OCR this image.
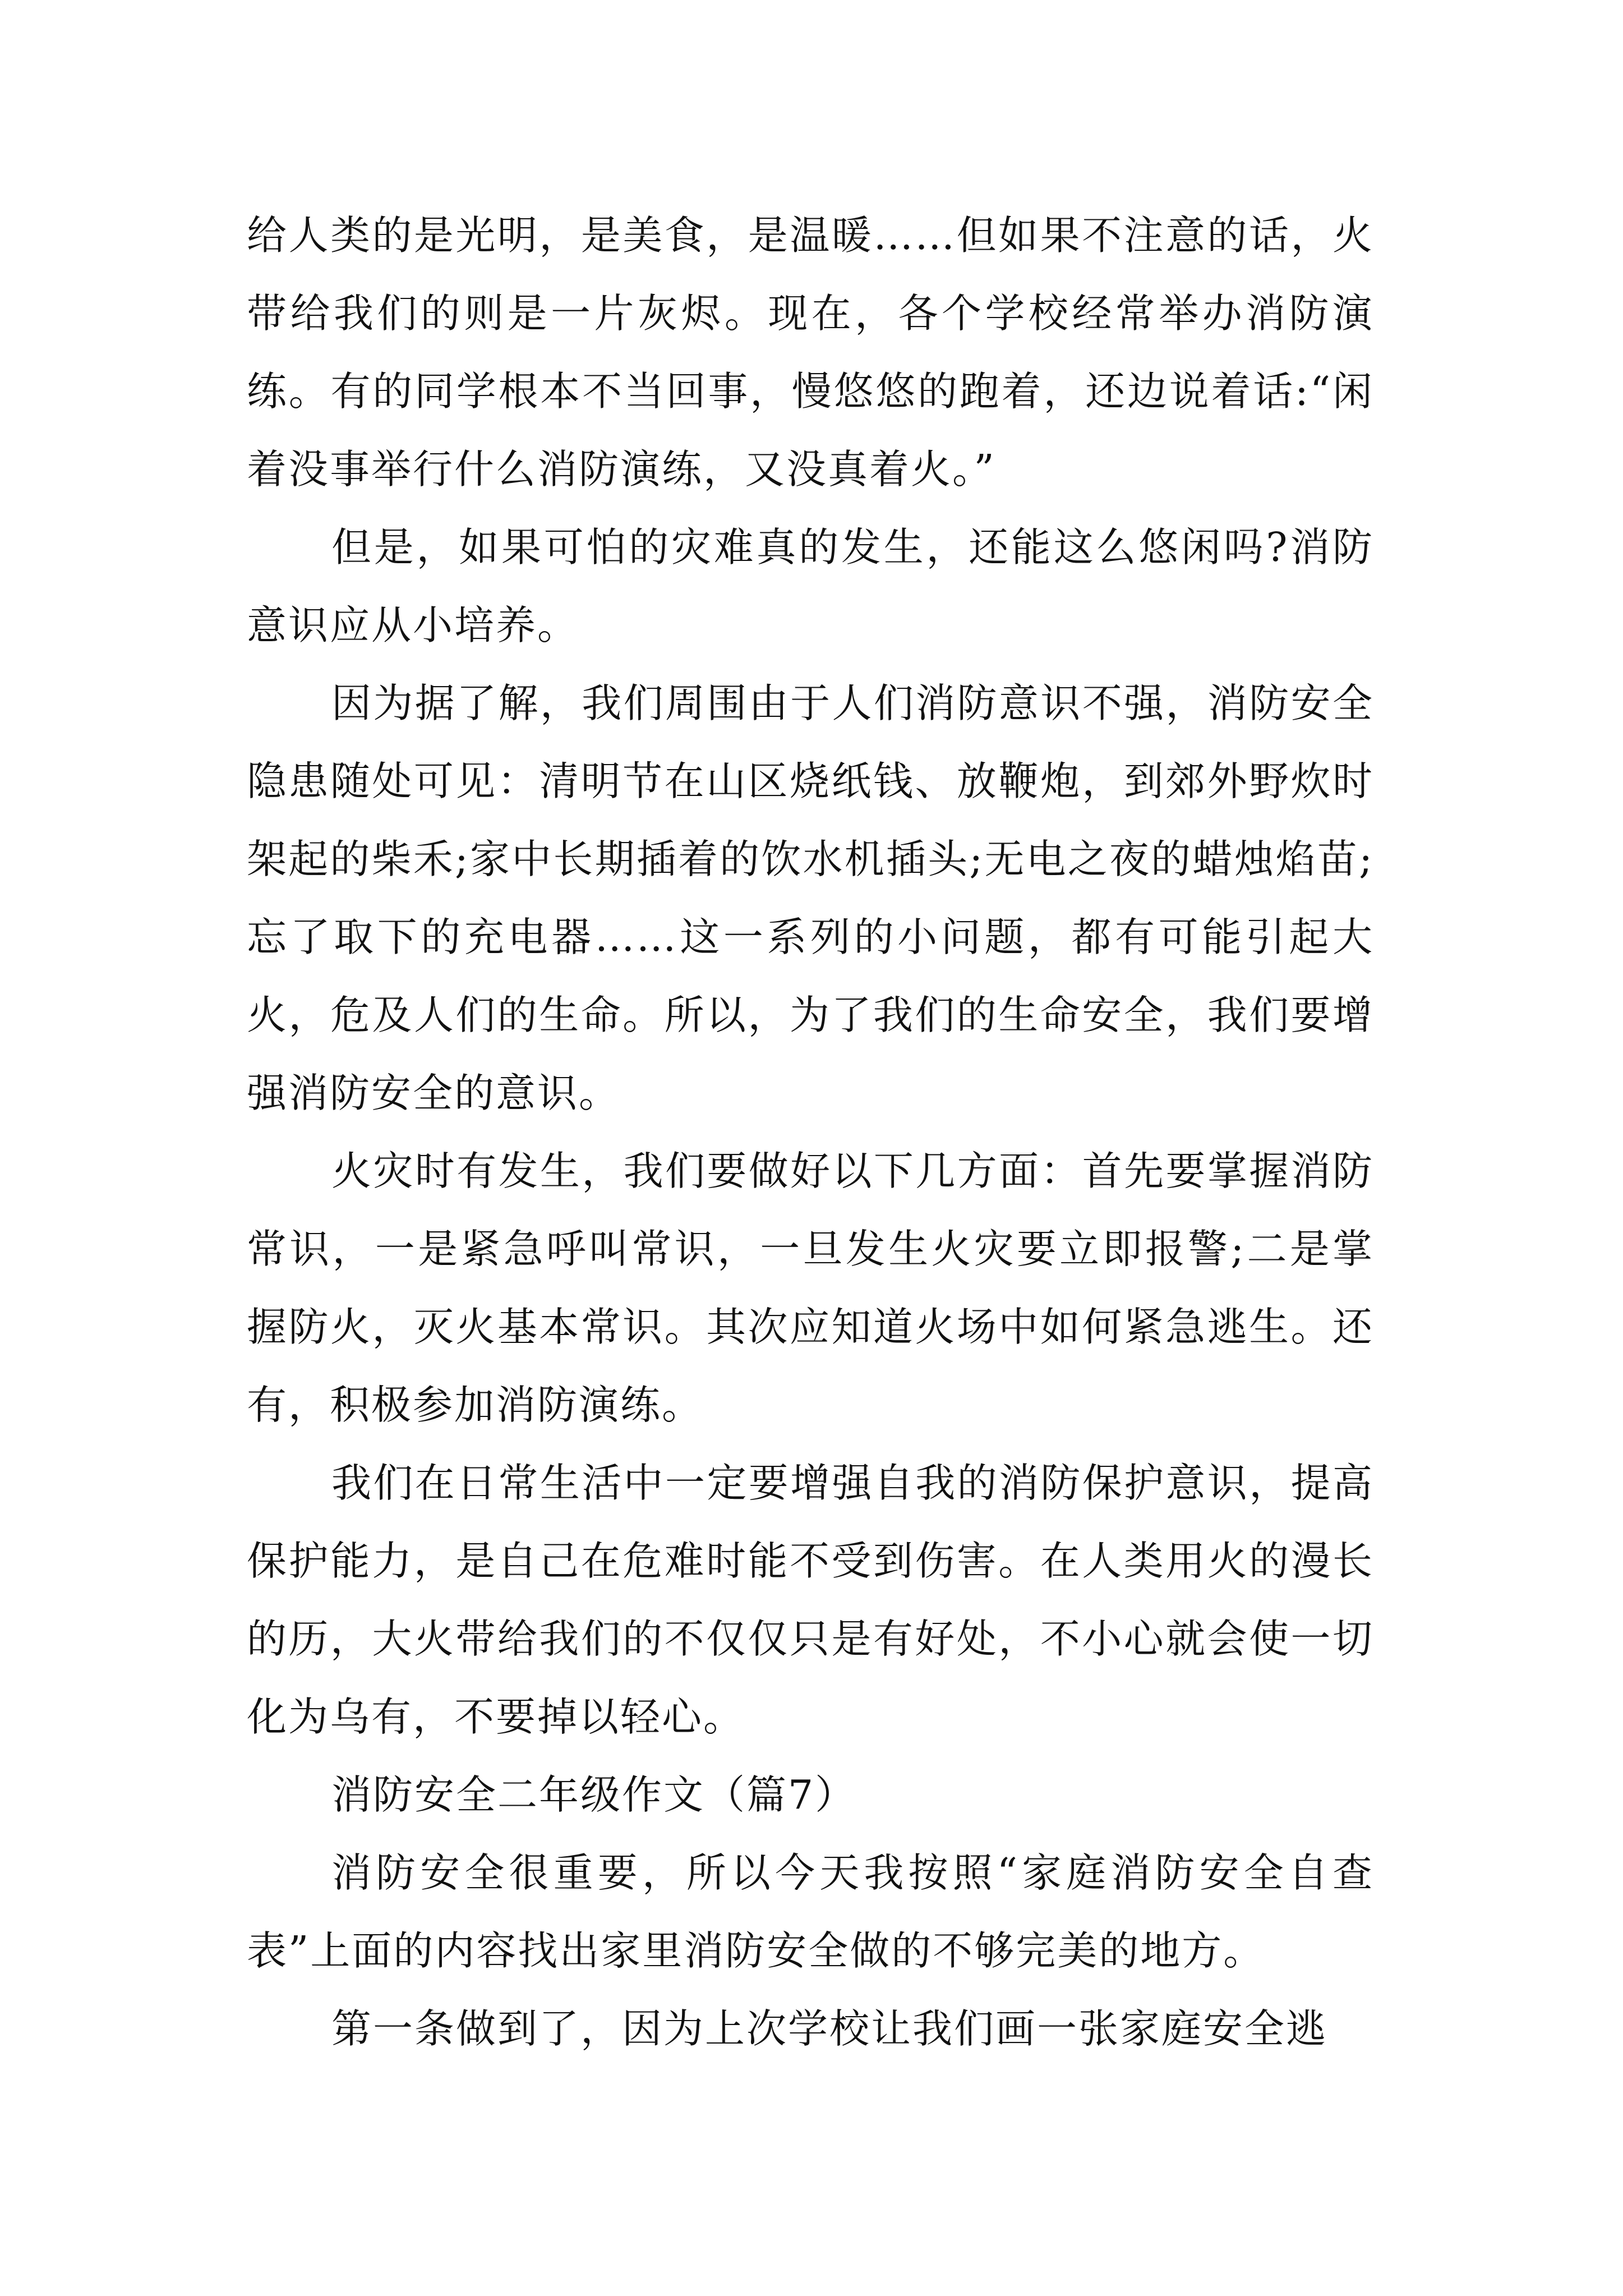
给人类的是光明，是美食，是温暖……但如果不注意的话，火带给我们的则是一片灰烬。现在，各个学校经常举办消防演练。有的同学根本不当回事，慢悠悠的跑着，还边说着话:“闲着没事举行什么消防演练，又没真着火。”

但是，如果可怕的灾难真的发生，还能这么悠闲吗?消防意识应从小培养。

因为据了解，我们周围由于人们消防意识不强，消防安全隐患随处可见：清明节在山区烧纸钱、放鞭炮，到郊外野炊时架起的柴禾;家中长期插着的饮水机插头;无电之夜的蜡烛焰苗;忘了取下的充电器……这一系列的小问题，都有可能引起大火，危及人们的生命。所以，为了我们的生命安全，我们要增强消防安全的意识。

火灾时有发生，我们要做好以下几方面：首先要掌握消防常识，一是紧急呼叫常识，一旦发生火灾要立即报警;二是掌握防火，灭火基本常识。其次应知道火场中如何紧急逃生。还有，积极参加消防演练。

我们在日常生活中一定要增强自我的消防保护意识，提高保护能力，是自己在危难时能不受到伤害。在人类用火的漫长的历，大火带给我们的不仅仅只是有好处，不小心就会使一切化为乌有，不要掉以轻心。

消防安全二年级作文（篇7）

消防安全很重要，所以今天我按照“家庭消防安全自查表”上面的内容找出家里消防安全做的不够完美的地方。

第一条做到了，因为上次学校让我们画一张家庭安全逃
